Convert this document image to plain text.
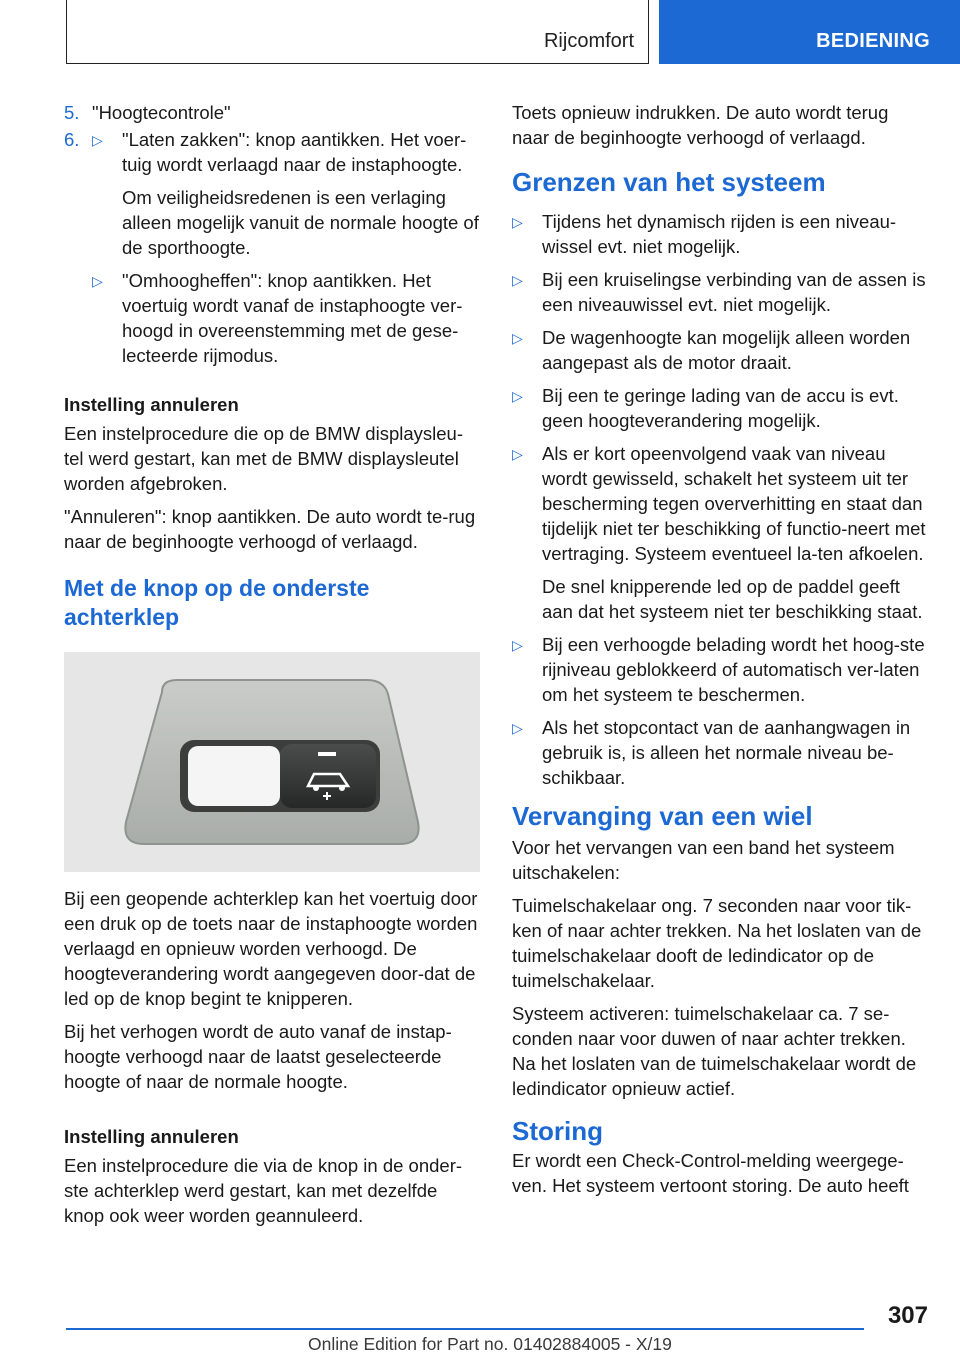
Rijcomfort	BEDIENING
5. "Hoogtecontrole"
6. ▷	"Laten zakken": knop aantikken. Het voer-tuig wordt verlaagd naar de instaphoogte.

Om veiligheidsredenen is een verlaging alleen mogelijk vanuit de normale hoogte of de sporthoogte.

▷	"Omhoogheffen": knop aantikken. Het voertuig wordt vanaf de instaphoogte ver-hoogd in overeenstemming met de gese-lecteerde rijmodus.
Instelling annuleren

Een instelprocedure die op de BMW displaysleu-tel werd gestart, kan met de BMW displaysleutel worden afgebroken.

"Annuleren": knop aantikken. De auto wordt te-rug naar de beginhoogte verhoogd of verlaagd.

Met de knop op de onderste achterklep

Bij een geopende achterklep kan het voertuig door een druk op de toets naar de instaphoogte worden verlaagd en opnieuw worden verhoogd. De hoogteverandering wordt aangegeven door-dat de led op de knop begint te knipperen.

Bij het verhogen wordt de auto vanaf de instap-hoogte verhoogd naar de laatst geselecteerde hoogte of naar de normale hoogte.

Instelling annuleren

Een instelprocedure die via de knop in de onder-ste achterklep werd gestart, kan met dezelfde knop ook weer worden geannuleerd.

Toets opnieuw indrukken. De auto wordt terug naar de beginhoogte verhoogd of verlaagd.

Grenzen van het systeem
▷	Tijdens het dynamisch rijden is een niveau-wissel evt. niet mogelijk.
▷	Bij een kruiselingse verbinding van de assen is een niveauwissel evt. niet mogelijk.
▷	De wagenhoogte kan mogelijk alleen worden aangepast als de motor draait.
▷	Bij een te geringe lading van de accu is evt. geen hoogteverandering mogelijk.
▷	Als er kort opeenvolgend vaak van niveau wordt gewisseld, schakelt het systeem uit ter bescherming tegen oververhitting en staat dan tijdelijk niet ter beschikking of functio-neert met vertraging. Systeem eventueel la-ten afkoelen.
De snel knipperende led op de paddel geeft aan dat het systeem niet ter beschikking staat.
▷	Bij een verhoogde belading wordt het hoog-ste rijniveau geblokkeerd of automatisch ver-laten om het systeem te beschermen.
▷	Als het stopcontact van de aanhangwagen in gebruik is, is alleen het normale niveau be-schikbaar.
Vervanging van een wiel

Voor het vervangen van een band het systeem uitschakelen:

Tuimelschakelaar ong. 7 seconden naar voor tik-ken of naar achter trekken. Na het loslaten van de tuimelschakelaar dooft de ledindicator op de tuimelschakelaar.

Systeem activeren: tuimelschakelaar ca. 7 se-conden naar voor duwen of naar achter trekken. Na het loslaten van de tuimelschakelaar wordt de ledindicator opnieuw actief.

Storing

Er wordt een Check-Control-melding weergege-ven. Het systeem vertoont storing. De auto heeft

307
Online Edition for Part no. 01402884005 - X/19
